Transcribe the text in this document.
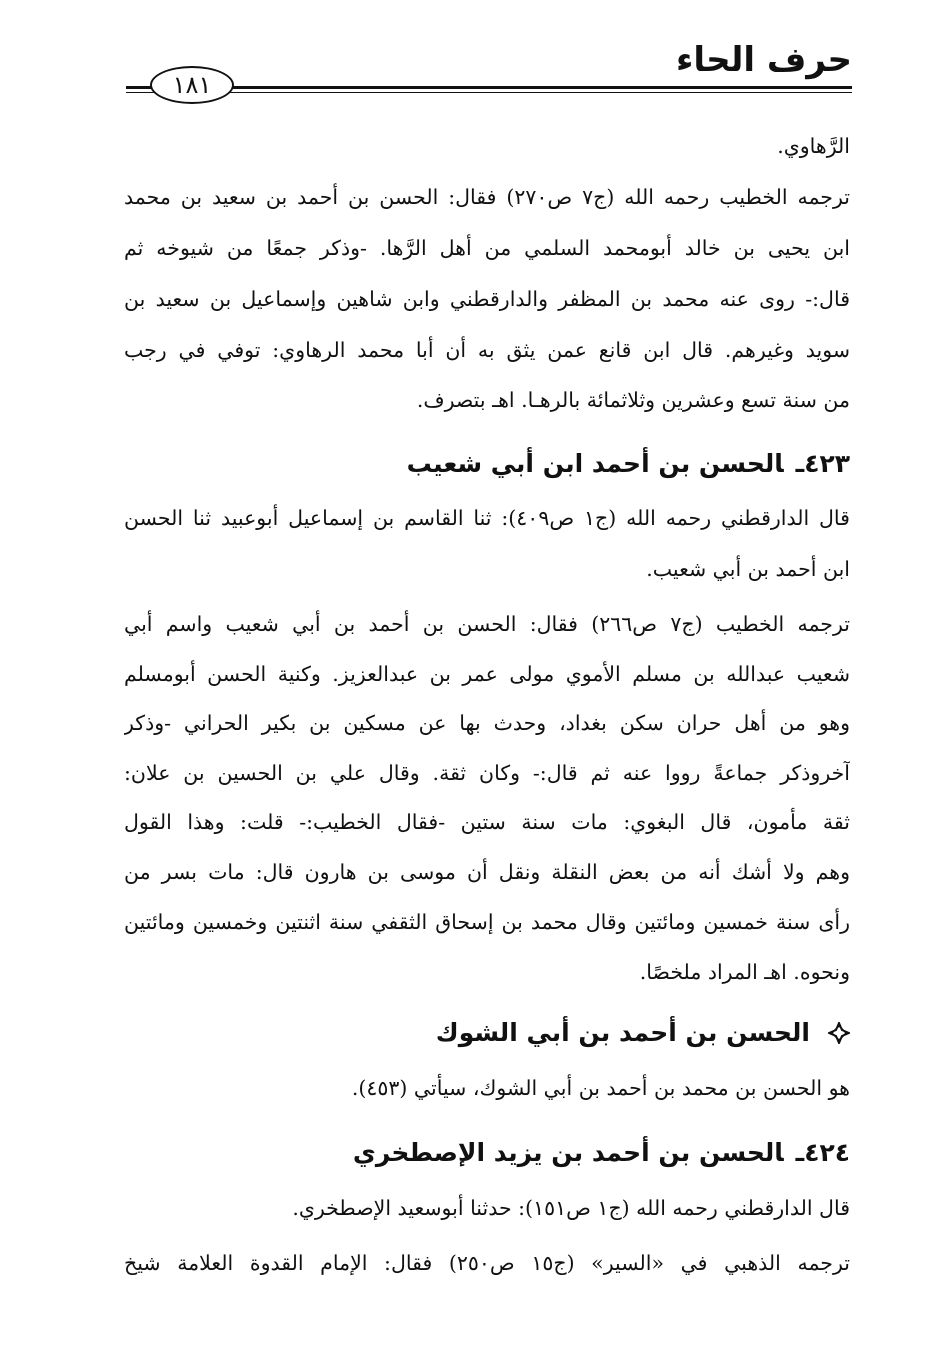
حرف الحاء
١٨١
الرَّهاوي.
ترجمه الخطيب رحمه الله (ج٧ ص٢٧٠) فقال: الحسن بن أحمد بن سعيد بن محمد
ابن يحيى بن خالد أبومحمد السلمي من أهل الرَّها. -وذكر جمعًا من شيوخه ثم
قال:- روى عنه محمد بن المظفر والدارقطني وابن شاهين وإسماعيل بن سعيد بن
سويد وغيرهم. قال ابن قانع عمن يثق به أن أبا محمد الرهاوي: توفي في رجب
من سنة تسع وعشرين وثلاثمائة بالرهـا. اهـ بتصرف.
٤٢٣ـالحسن بن أحمد ابن أبي شعيب
قال الدارقطني رحمه الله (ج١ ص٤٠٩): ثنا القاسم بن إسماعيل أبوعبيد ثنا الحسن
ابن أحمد بن أبي شعيب.
ترجمه الخطيب (ج٧ ص٢٦٦) فقال: الحسن بن أحمد بن أبي شعيب واسم أبي
شعيب عبدالله بن مسلم الأموي مولى عمر بن عبدالعزيز. وكنية الحسن أبومسلم
وهو من أهل حران سكن بغداد، وحدث بها عن مسكين بن بكير الحراني -وذكر
آخروذكر جماعةً رووا عنه ثم قال:- وكان ثقة. وقال علي بن الحسين بن علان:
ثقة مأمون، قال البغوي: مات سنة ستين -فقال الخطيب:- قلت: وهذا القول
وهم ولا أشك أنه من بعض النقلة ونقل أن موسى بن هارون قال: مات بسر من
رأى سنة خمسين ومائتين وقال محمد بن إسحاق الثقفي سنة اثنتين وخمسين ومائتين
ونحوه. اهـ المراد ملخصًا.
الحسن بن أحمد بن أبي الشوك
هو الحسن بن محمد بن أحمد بن أبي الشوك، سيأتي (٤٥٣).
٤٢٤ـالحسن بن أحمد بن يزيد الإصطخري
قال الدارقطني رحمه الله (ج١ ص١٥١): حدثنا أبوسعيد الإصطخري.
ترجمه الذهبي في «السير» (ج١٥ ص٢٥٠) فقال: الإمام القدوة العلامة شيخ
